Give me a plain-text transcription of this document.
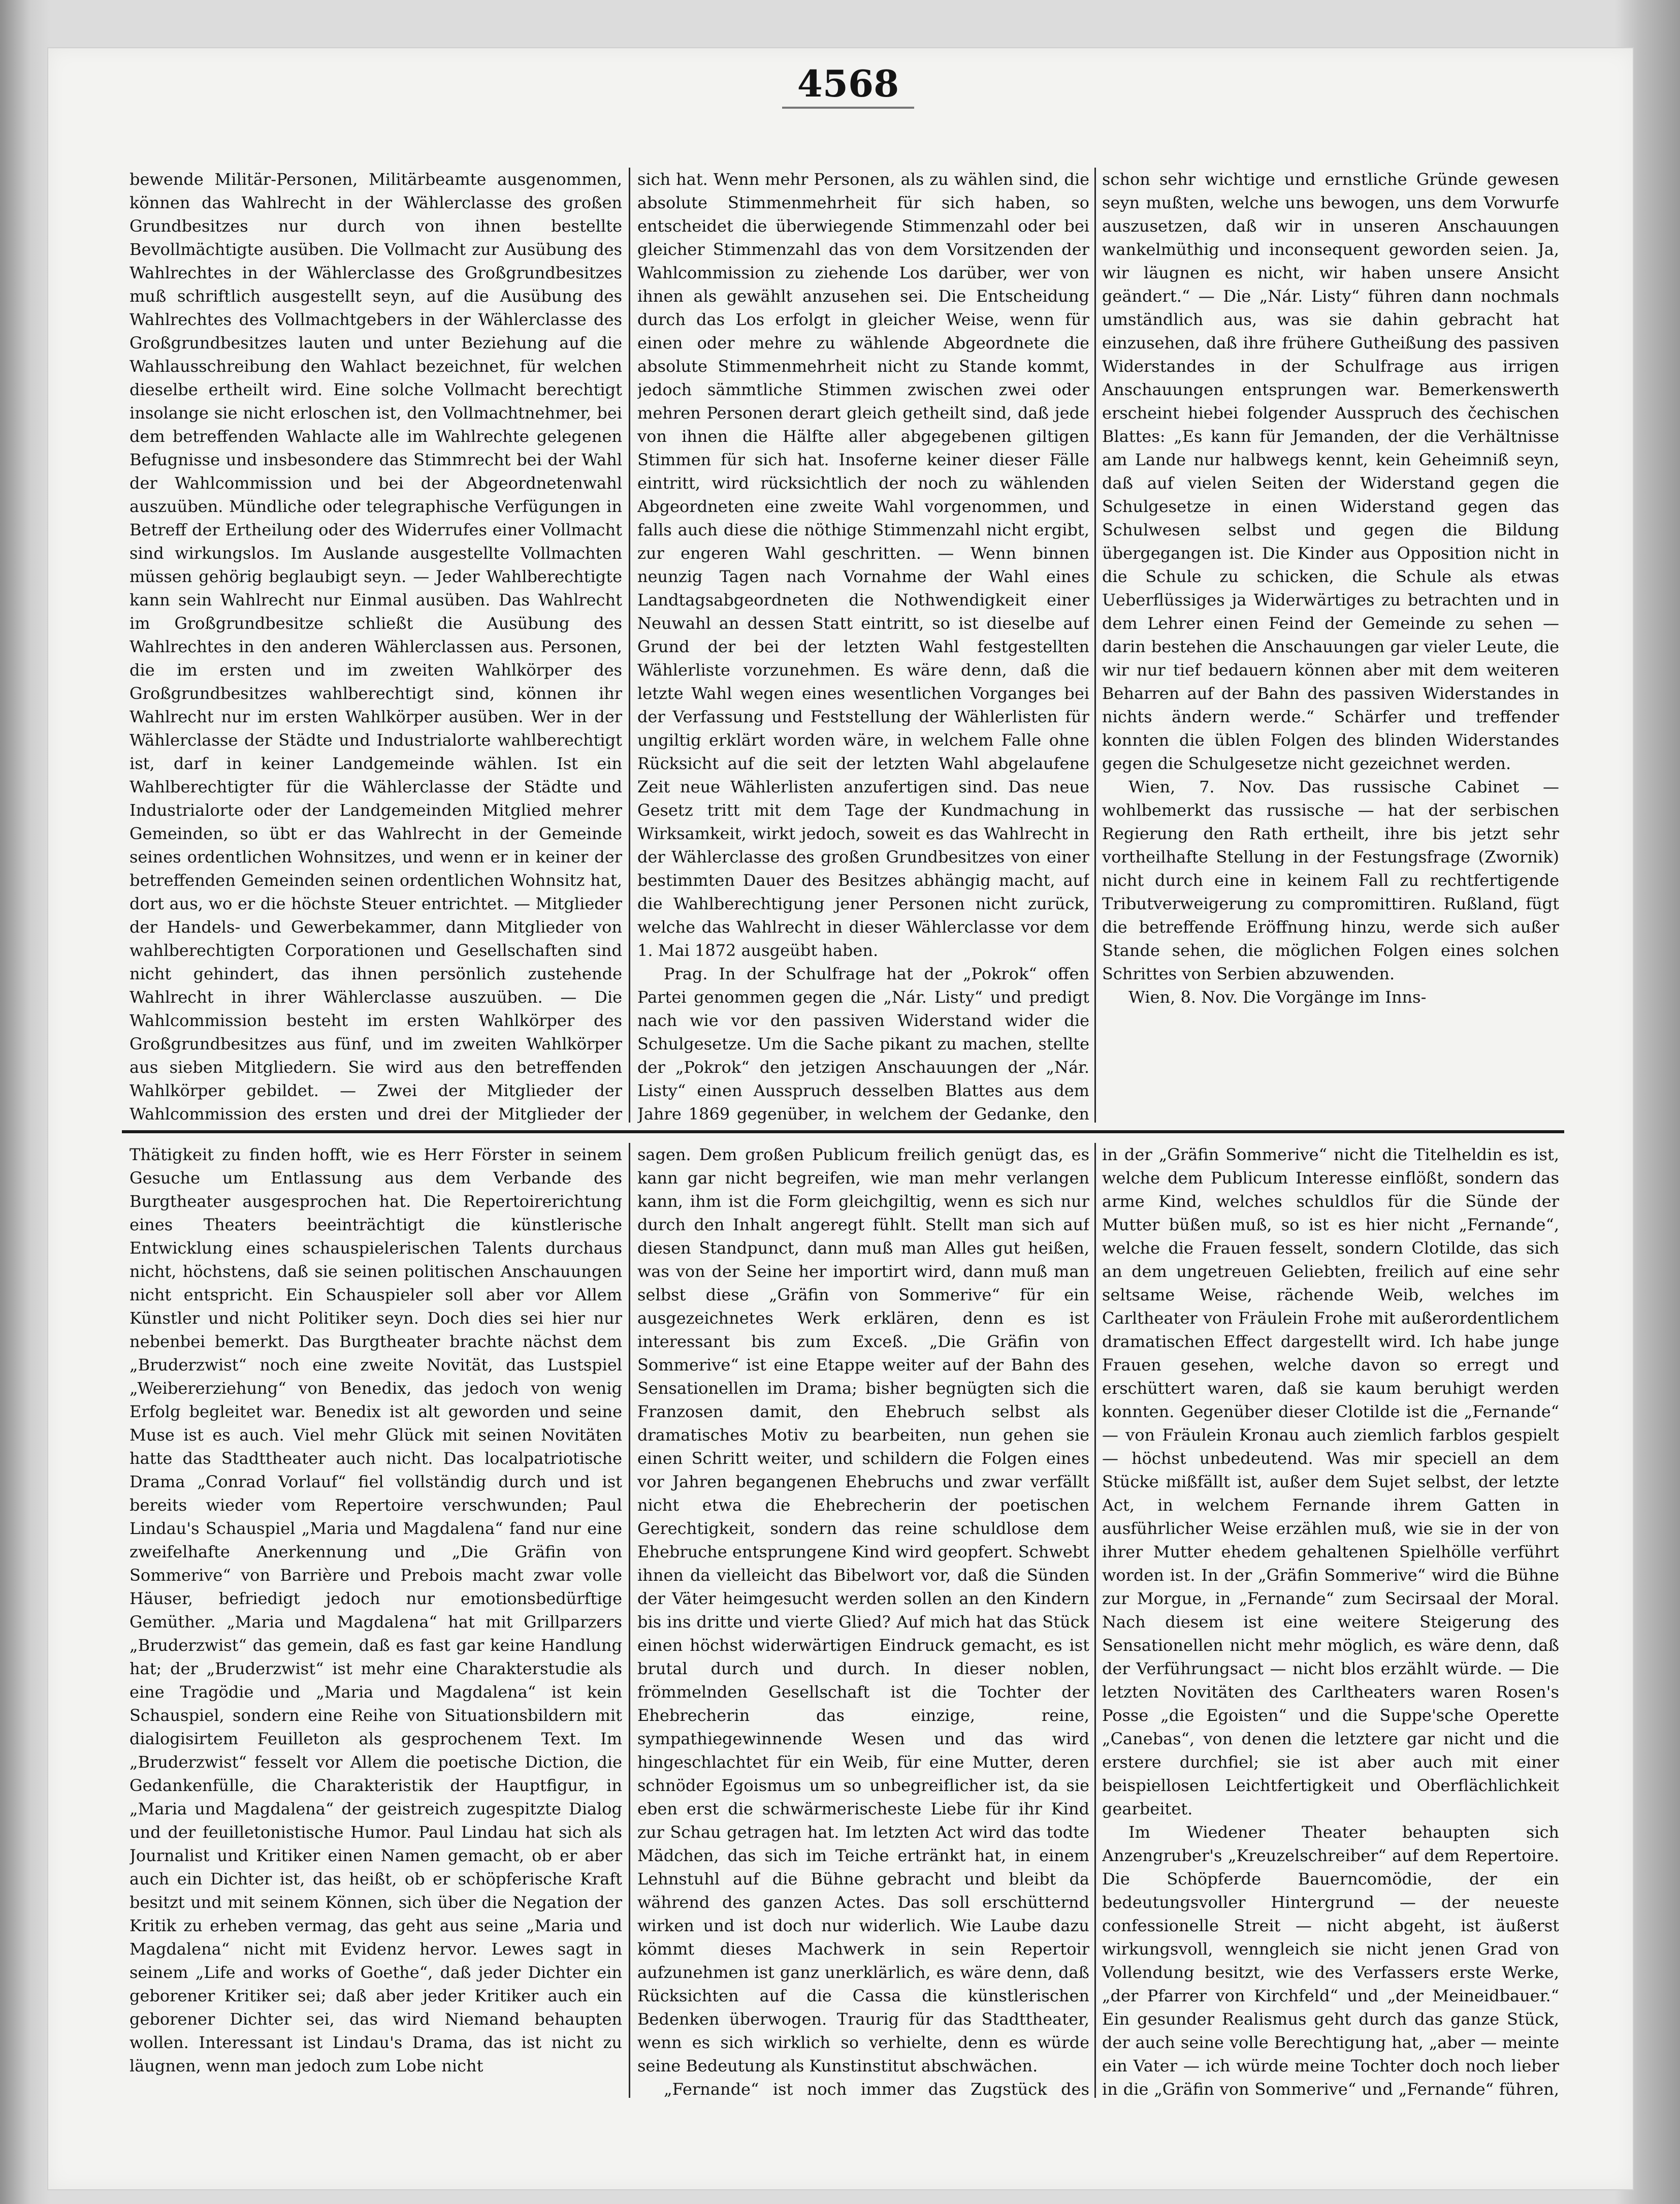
4568

bewende Militär-Personen, Militärbeamte ausgenommen, können das Wahlrecht in der Wählerclasse des großen Grundbesitzes nur durch von ihnen bestellte Bevollmächtigte ausüben. Die Vollmacht zur Ausübung des Wahlrechtes in der Wählerclasse des Großgrundbesitzes muß schriftlich ausgestellt seyn, auf die Ausübung des Wahlrechtes des Vollmachtgebers in der Wählerclasse des Großgrundbesitzes lauten und unter Beziehung auf die Wahlausschreibung den Wahlact bezeichnet, für welchen dieselbe ertheilt wird. Eine solche Vollmacht berechtigt insolange sie nicht erloschen ist, den Vollmachtnehmer, bei dem betreffenden Wahlacte alle im Wahlrechte gelegenen Befugnisse und insbesondere das Stimmrecht bei der Wahl der Wahlcommission und bei der Abgeordnetenwahl auszuüben. Mündliche oder telegraphische Verfügungen in Betreff der Ertheilung oder des Widerrufes einer Vollmacht sind wirkungslos. Im Auslande ausgestellte Vollmachten müssen gehörig beglaubigt seyn. — Jeder Wahlberechtigte kann sein Wahlrecht nur Einmal ausüben. Das Wahlrecht im Großgrundbesitze schließt die Ausübung des Wahlrechtes in den anderen Wählerclassen aus. Personen, die im ersten und im zweiten Wahlkörper des Großgrundbesitzes wahlberechtigt sind, können ihr Wahlrecht nur im ersten Wahlkörper ausüben. Wer in der Wählerclasse der Städte und Industrialorte wahlberechtigt ist, darf in keiner Landgemeinde wählen. Ist ein Wahlberechtigter für die Wählerclasse der Städte und Industrialorte oder der Landgemeinden Mitglied mehrer Gemeinden, so übt er das Wahlrecht in der Gemeinde seines ordentlichen Wohnsitzes, und wenn er in keiner der betreffenden Gemeinden seinen ordentlichen Wohnsitz hat, dort aus, wo er die höchste Steuer entrichtet. — Mitglieder der Handels- und Gewerbekammer, dann Mitglieder von wahlberechtigten Corporationen und Gesellschaften sind nicht gehindert, das ihnen persönlich zustehende Wahlrecht in ihrer Wählerclasse auszuüben. — Die Wahlcommission besteht im ersten Wahlkörper des Großgrundbesitzes aus fünf, und im zweiten Wahlkörper aus sieben Mitgliedern. Sie wird aus den betreffenden Wahlkörper gebildet. — Zwei der Mitglieder der Wahlcommission des ersten und drei der Mitglieder der

sich hat. Wenn mehr Personen, als zu wählen sind, die absolute Stimmenmehrheit für sich haben, so entscheidet die überwiegende Stimmenzahl oder bei gleicher Stimmenzahl das von dem Vorsitzenden der Wahlcommission zu ziehende Los darüber, wer von ihnen als gewählt anzusehen sei. Die Entscheidung durch das Los erfolgt in gleicher Weise, wenn für einen oder mehre zu wählende Abgeordnete die absolute Stimmenmehrheit nicht zu Stande kommt, jedoch sämmtliche Stimmen zwischen zwei oder mehren Personen derart gleich getheilt sind, daß jede von ihnen die Hälfte aller abgegebenen giltigen Stimmen für sich hat. Insoferne keiner dieser Fälle eintritt, wird rücksichtlich der noch zu wählenden Abgeordneten eine zweite Wahl vorgenommen, und falls auch diese die nöthige Stimmenzahl nicht ergibt, zur engeren Wahl geschritten. — Wenn binnen neunzig Tagen nach Vornahme der Wahl eines Landtagsabgeordneten die Nothwendigkeit einer Neuwahl an dessen Statt eintritt, so ist dieselbe auf Grund der bei der letzten Wahl festgestellten Wählerliste vorzunehmen. Es wäre denn, daß die letzte Wahl wegen eines wesentlichen Vorganges bei der Verfassung und Feststellung der Wählerlisten für ungiltig erklärt worden wäre, in welchem Falle ohne Rücksicht auf die seit der letzten Wahl abgelaufene Zeit neue Wählerlisten anzufertigen sind. Das neue Gesetz tritt mit dem Tage der Kundmachung in Wirksamkeit, wirkt jedoch, soweit es das Wahlrecht in der Wählerclasse des großen Grundbesitzes von einer bestimmten Dauer des Besitzes abhängig macht, auf die Wahlberechtigung jener Personen nicht zurück, welche das Wahlrecht in dieser Wählerclasse vor dem 1. Mai 1872 ausgeübt haben.

Prag. In der Schulfrage hat der „Pokrok“ offen Partei genommen gegen die „Nár. Listy“ und predigt nach wie vor den passiven Widerstand wider die Schulgesetze. Um die Sache pikant zu machen, stellte der „Pokrok“ den jetzigen Anschauungen der „Nár. Listy“ einen Ausspruch desselben Blattes aus dem Jahre 1869 gegenüber, in welchem der Gedanke, den

schon sehr wichtige und ernstliche Gründe gewesen seyn mußten, welche uns bewogen, uns dem Vorwurfe auszusetzen, daß wir in unseren Anschauungen wankelmüthig und inconsequent geworden seien. Ja, wir läugnen es nicht, wir haben unsere Ansicht geändert.“ — Die „Nár. Listy“ führen dann nochmals umständlich aus, was sie dahin gebracht hat einzusehen, daß ihre frühere Gutheißung des passiven Widerstandes in der Schulfrage aus irrigen Anschauungen entsprungen war. Bemerkenswerth erscheint hiebei folgender Ausspruch des čechischen Blattes: „Es kann für Jemanden, der die Verhältnisse am Lande nur halbwegs kennt, kein Geheimniß seyn, daß auf vielen Seiten der Widerstand gegen die Schulgesetze in einen Widerstand gegen das Schulwesen selbst und gegen die Bildung übergegangen ist. Die Kinder aus Opposition nicht in die Schule zu schicken, die Schule als etwas Ueberflüssiges ja Widerwärtiges zu betrachten und in dem Lehrer einen Feind der Gemeinde zu sehen — darin bestehen die Anschauungen gar vieler Leute, die wir nur tief bedauern können aber mit dem weiteren Beharren auf der Bahn des passiven Widerstandes in nichts ändern werde.“ Schärfer und treffender konnten die üblen Folgen des blinden Widerstandes gegen die Schulgesetze nicht gezeichnet werden.

Wien, 7. Nov. Das russische Cabinet — wohlbemerkt das russische — hat der serbischen Regierung den Rath ertheilt, ihre bis jetzt sehr vortheilhafte Stellung in der Festungsfrage (Zwornik) nicht durch eine in keinem Fall zu rechtfertigende Tributverweigerung zu compromittiren. Rußland, fügt die betreffende Eröffnung hinzu, werde sich außer Stande sehen, die möglichen Folgen eines solchen Schrittes von Serbien abzuwenden.

Wien, 8. Nov. Die Vorgänge im Inns-

Thätigkeit zu finden hofft, wie es Herr Förster in seinem Gesuche um Entlassung aus dem Verbande des Burgtheater ausgesprochen hat. Die Repertoirerichtung eines Theaters beeinträchtigt die künstlerische Entwicklung eines schauspielerischen Talents durchaus nicht, höchstens, daß sie seinen politischen Anschauungen nicht entspricht. Ein Schauspieler soll aber vor Allem Künstler und nicht Politiker seyn. Doch dies sei hier nur nebenbei bemerkt. Das Burgtheater brachte nächst dem „Bruderzwist“ noch eine zweite Novität, das Lustspiel „Weibererziehung“ von Benedix, das jedoch von wenig Erfolg begleitet war. Benedix ist alt geworden und seine Muse ist es auch. Viel mehr Glück mit seinen Novitäten hatte das Stadttheater auch nicht. Das localpatriotische Drama „Conrad Vorlauf“ fiel vollständig durch und ist bereits wieder vom Repertoire verschwunden; Paul Lindau's Schauspiel „Maria und Magdalena“ fand nur eine zweifelhafte Anerkennung und „Die Gräfin von Sommerive“ von Barrière und Prebois macht zwar volle Häuser, befriedigt jedoch nur emotionsbedürftige Gemüther. „Maria und Magdalena“ hat mit Grillparzers „Bruderzwist“ das gemein, daß es fast gar keine Handlung hat; der „Bruderzwist“ ist mehr eine Charakterstudie als eine Tragödie und „Maria und Magdalena“ ist kein Schauspiel, sondern eine Reihe von Situationsbildern mit dialogisirtem Feuilleton als gesprochenem Text. Im „Bruderzwist“ fesselt vor Allem die poetische Diction, die Gedankenfülle, die Charakteristik der Hauptfigur, in „Maria und Magdalena“ der geistreich zugespitzte Dialog und der feuilletonistische Humor. Paul Lindau hat sich als Journalist und Kritiker einen Namen gemacht, ob er aber auch ein Dichter ist, das heißt, ob er schöpferische Kraft besitzt und mit seinem Können, sich über die Negation der Kritik zu erheben vermag, das geht aus seine „Maria und Magdalena“ nicht mit Evidenz hervor. Lewes sagt in seinem „Life and works of Goethe“, daß jeder Dichter ein geborener Kritiker sei; daß aber jeder Kritiker auch ein geborener Dichter sei, das wird Niemand behaupten wollen. Interessant ist Lindau's Drama, das ist nicht zu läugnen, wenn man jedoch zum Lobe nicht

sagen. Dem großen Publicum freilich genügt das, es kann gar nicht begreifen, wie man mehr verlangen kann, ihm ist die Form gleichgiltig, wenn es sich nur durch den Inhalt angeregt fühlt. Stellt man sich auf diesen Standpunct, dann muß man Alles gut heißen, was von der Seine her importirt wird, dann muß man selbst diese „Gräfin von Sommerive“ für ein ausgezeichnetes Werk erklären, denn es ist interessant bis zum Exceß. „Die Gräfin von Sommerive“ ist eine Etappe weiter auf der Bahn des Sensationellen im Drama; bisher begnügten sich die Franzosen damit, den Ehebruch selbst als dramatisches Motiv zu bearbeiten, nun gehen sie einen Schritt weiter, und schildern die Folgen eines vor Jahren begangenen Ehebruchs und zwar verfällt nicht etwa die Ehebrecherin der poetischen Gerechtigkeit, sondern das reine schuldlose dem Ehebruche entsprungene Kind wird geopfert. Schwebt ihnen da vielleicht das Bibelwort vor, daß die Sünden der Väter heimgesucht werden sollen an den Kindern bis ins dritte und vierte Glied? Auf mich hat das Stück einen höchst widerwärtigen Eindruck gemacht, es ist brutal durch und durch. In dieser noblen, frömmelnden Gesellschaft ist die Tochter der Ehebrecherin das einzige, reine, sympathiegewinnende Wesen und das wird hingeschlachtet für ein Weib, für eine Mutter, deren schnöder Egoismus um so unbegreiflicher ist, da sie eben erst die schwärmerischeste Liebe für ihr Kind zur Schau getragen hat. Im letzten Act wird das todte Mädchen, das sich im Teiche ertränkt hat, in einem Lehnstuhl auf die Bühne gebracht und bleibt da während des ganzen Actes. Das soll erschütternd wirken und ist doch nur widerlich. Wie Laube dazu kömmt dieses Machwerk in sein Repertoir aufzunehmen ist ganz unerklärlich, es wäre denn, daß Rücksichten auf die Cassa die künstlerischen Bedenken überwogen. Traurig für das Stadttheater, wenn es sich wirklich so verhielte, denn es würde seine Bedeutung als Kunstinstitut abschwächen.

„Fernande“ ist noch immer das Zugstück des

in der „Gräfin Sommerive“ nicht die Titelheldin es ist, welche dem Publicum Interesse einflößt, sondern das arme Kind, welches schuldlos für die Sünde der Mutter büßen muß, so ist es hier nicht „Fernande“, welche die Frauen fesselt, sondern Clotilde, das sich an dem ungetreuen Geliebten, freilich auf eine sehr seltsame Weise, rächende Weib, welches im Carltheater von Fräulein Frohe mit außerordentlichem dramatischen Effect dargestellt wird. Ich habe junge Frauen gesehen, welche davon so erregt und erschüttert waren, daß sie kaum beruhigt werden konnten. Gegenüber dieser Clotilde ist die „Fernande“ — von Fräulein Kronau auch ziemlich farblos gespielt — höchst unbedeutend. Was mir speciell an dem Stücke mißfällt ist, außer dem Sujet selbst, der letzte Act, in welchem Fernande ihrem Gatten in ausführlicher Weise erzählen muß, wie sie in der von ihrer Mutter ehedem gehaltenen Spielhölle verführt worden ist. In der „Gräfin Sommerive“ wird die Bühne zur Morgue, in „Fernande“ zum Secirsaal der Moral. Nach diesem ist eine weitere Steigerung des Sensationellen nicht mehr möglich, es wäre denn, daß der Verführungsact — nicht blos erzählt würde. — Die letzten Novitäten des Carltheaters waren Rosen's Posse „die Egoisten“ und die Suppe'sche Operette „Canebas“, von denen die letztere gar nicht und die erstere durchfiel; sie ist aber auch mit einer beispiellosen Leichtfertigkeit und Oberflächlichkeit gearbeitet.

Im Wiedener Theater behaupten sich Anzengruber's „Kreuzelschreiber“ auf dem Repertoire. Die Schöpferde Bauerncomödie, der ein bedeutungsvoller Hintergrund — der neueste confessionelle Streit — nicht abgeht, ist äußerst wirkungsvoll, wenngleich sie nicht jenen Grad von Vollendung besitzt, wie des Verfassers erste Werke, „der Pfarrer von Kirchfeld“ und „der Meineidbauer.“ Ein gesunder Realismus geht durch das ganze Stück, der auch seine volle Berechtigung hat, „aber — meinte ein Vater — ich würde meine Tochter doch noch lieber in die „Gräfin von Sommerive“ und „Fernande“ führen,
